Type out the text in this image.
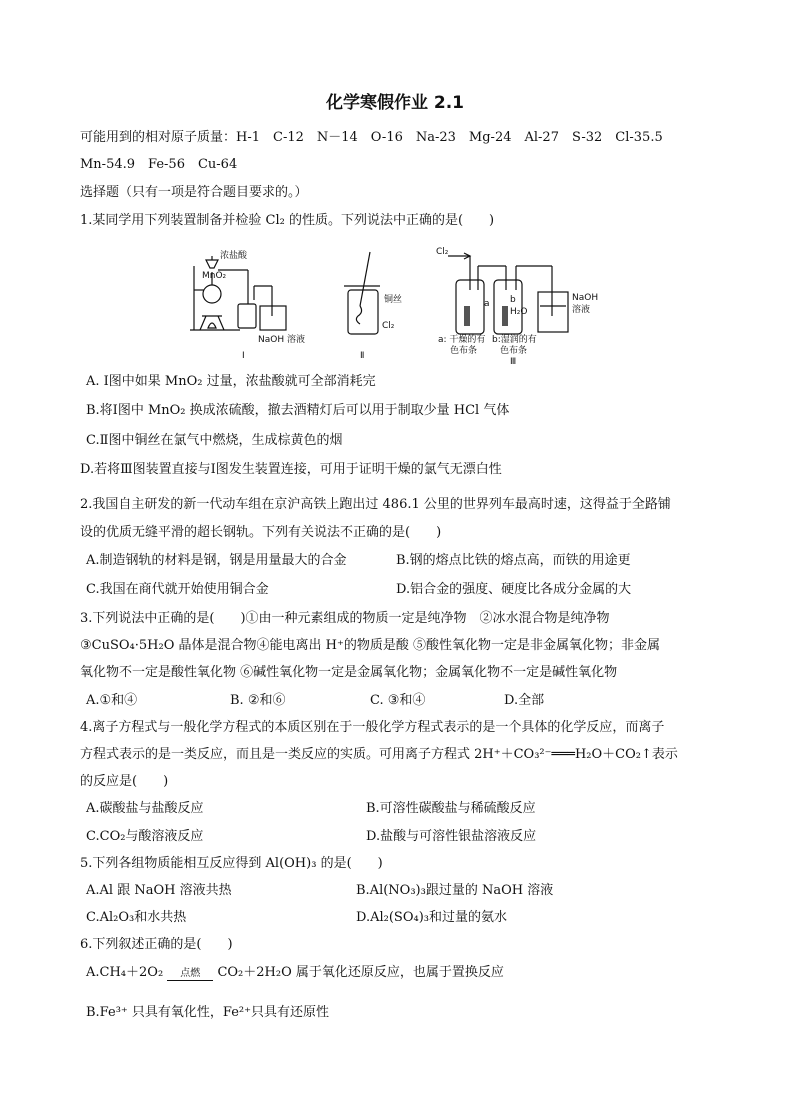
化学寒假作业 2.1
可能用到的相对原子质量：H-1　C-12　N－14　O-16　Na-23　Mg-24　Al-27　S-32　Cl-35.5
Mn-54.9　Fe-56　Cu-64
选择题（只有一项是符合题目要求的。）
1.某同学用下列装置制备并检验 Cl₂ 的性质。下列说法中正确的是(　　)
浓盐酸
MnO₂
NaOH 溶液
Ⅰ
铜丝
Cl₂
Ⅱ
Cl₂
a b
H₂O
NaOH
溶液
a: 干燥的有
色布条
b:湿润的有
色布条
Ⅲ
A. Ⅰ图中如果 MnO₂ 过量，浓盐酸就可全部消耗完
B.将Ⅰ图中 MnO₂ 换成浓硫酸，撤去酒精灯后可以用于制取少量 HCl 气体
C.Ⅱ图中铜丝在氯气中燃烧，生成棕黄色的烟
D.若将Ⅲ图装置直接与Ⅰ图发生装置连接，可用于证明干燥的氯气无漂白性
2.我国自主研发的新一代动车组在京沪高铁上跑出过 486.1 公里的世界列车最高时速，这得益于全路铺
设的优质无缝平滑的超长钢轨。下列有关说法不正确的是(　　)
A.制造钢轨的材料是钢，钢是用量最大的合金	B.钢的熔点比铁的熔点高，而铁的用途更
C.我国在商代就开始使用铜合金	D.铝合金的强度、硬度比各成分金属的大
3.下列说法中正确的是(　　)①由一种元素组成的物质一定是纯净物　②冰水混合物是纯净物
③CuSO₄·5H₂O 晶体是混合物④能电离出 H⁺的物质是酸 ⑤酸性氧化物一定是非金属氧化物；非金属
氧化物不一定是酸性氧化物 ⑥碱性氧化物一定是金属氧化物；金属氧化物不一定是碱性氧化物
A.①和④	B. ②和⑥	C. ③和④	D.全部
4.离子方程式与一般化学方程式的本质区别在于一般化学方程式表示的是一个具体的化学反应，而离子
方程式表示的是一类反应，而且是一类反应的实质。可用离子方程式 2H⁺＋CO₃²⁻═══H₂O＋CO₂↑表示
的反应是(　　)
A.碳酸盐与盐酸反应	B.可溶性碳酸盐与稀硫酸反应
C.CO₂与酸溶液反应	D.盐酸与可溶性银盐溶液反应
5.下列各组物质能相互反应得到 Al(OH)₃ 的是(　　)
A.Al 跟 NaOH 溶液共热	B.Al(NO₃)₃跟过量的 NaOH 溶液
C.Al₂O₃和水共热	D.Al₂(SO₄)₃和过量的氨水
6.下列叙述正确的是(　　)
A.CH₄＋2O₂	点燃	CO₂＋2H₂O 属于氧化还原反应，也属于置换反应
B.Fe³⁺ 只具有氧化性，Fe²⁺只具有还原性
